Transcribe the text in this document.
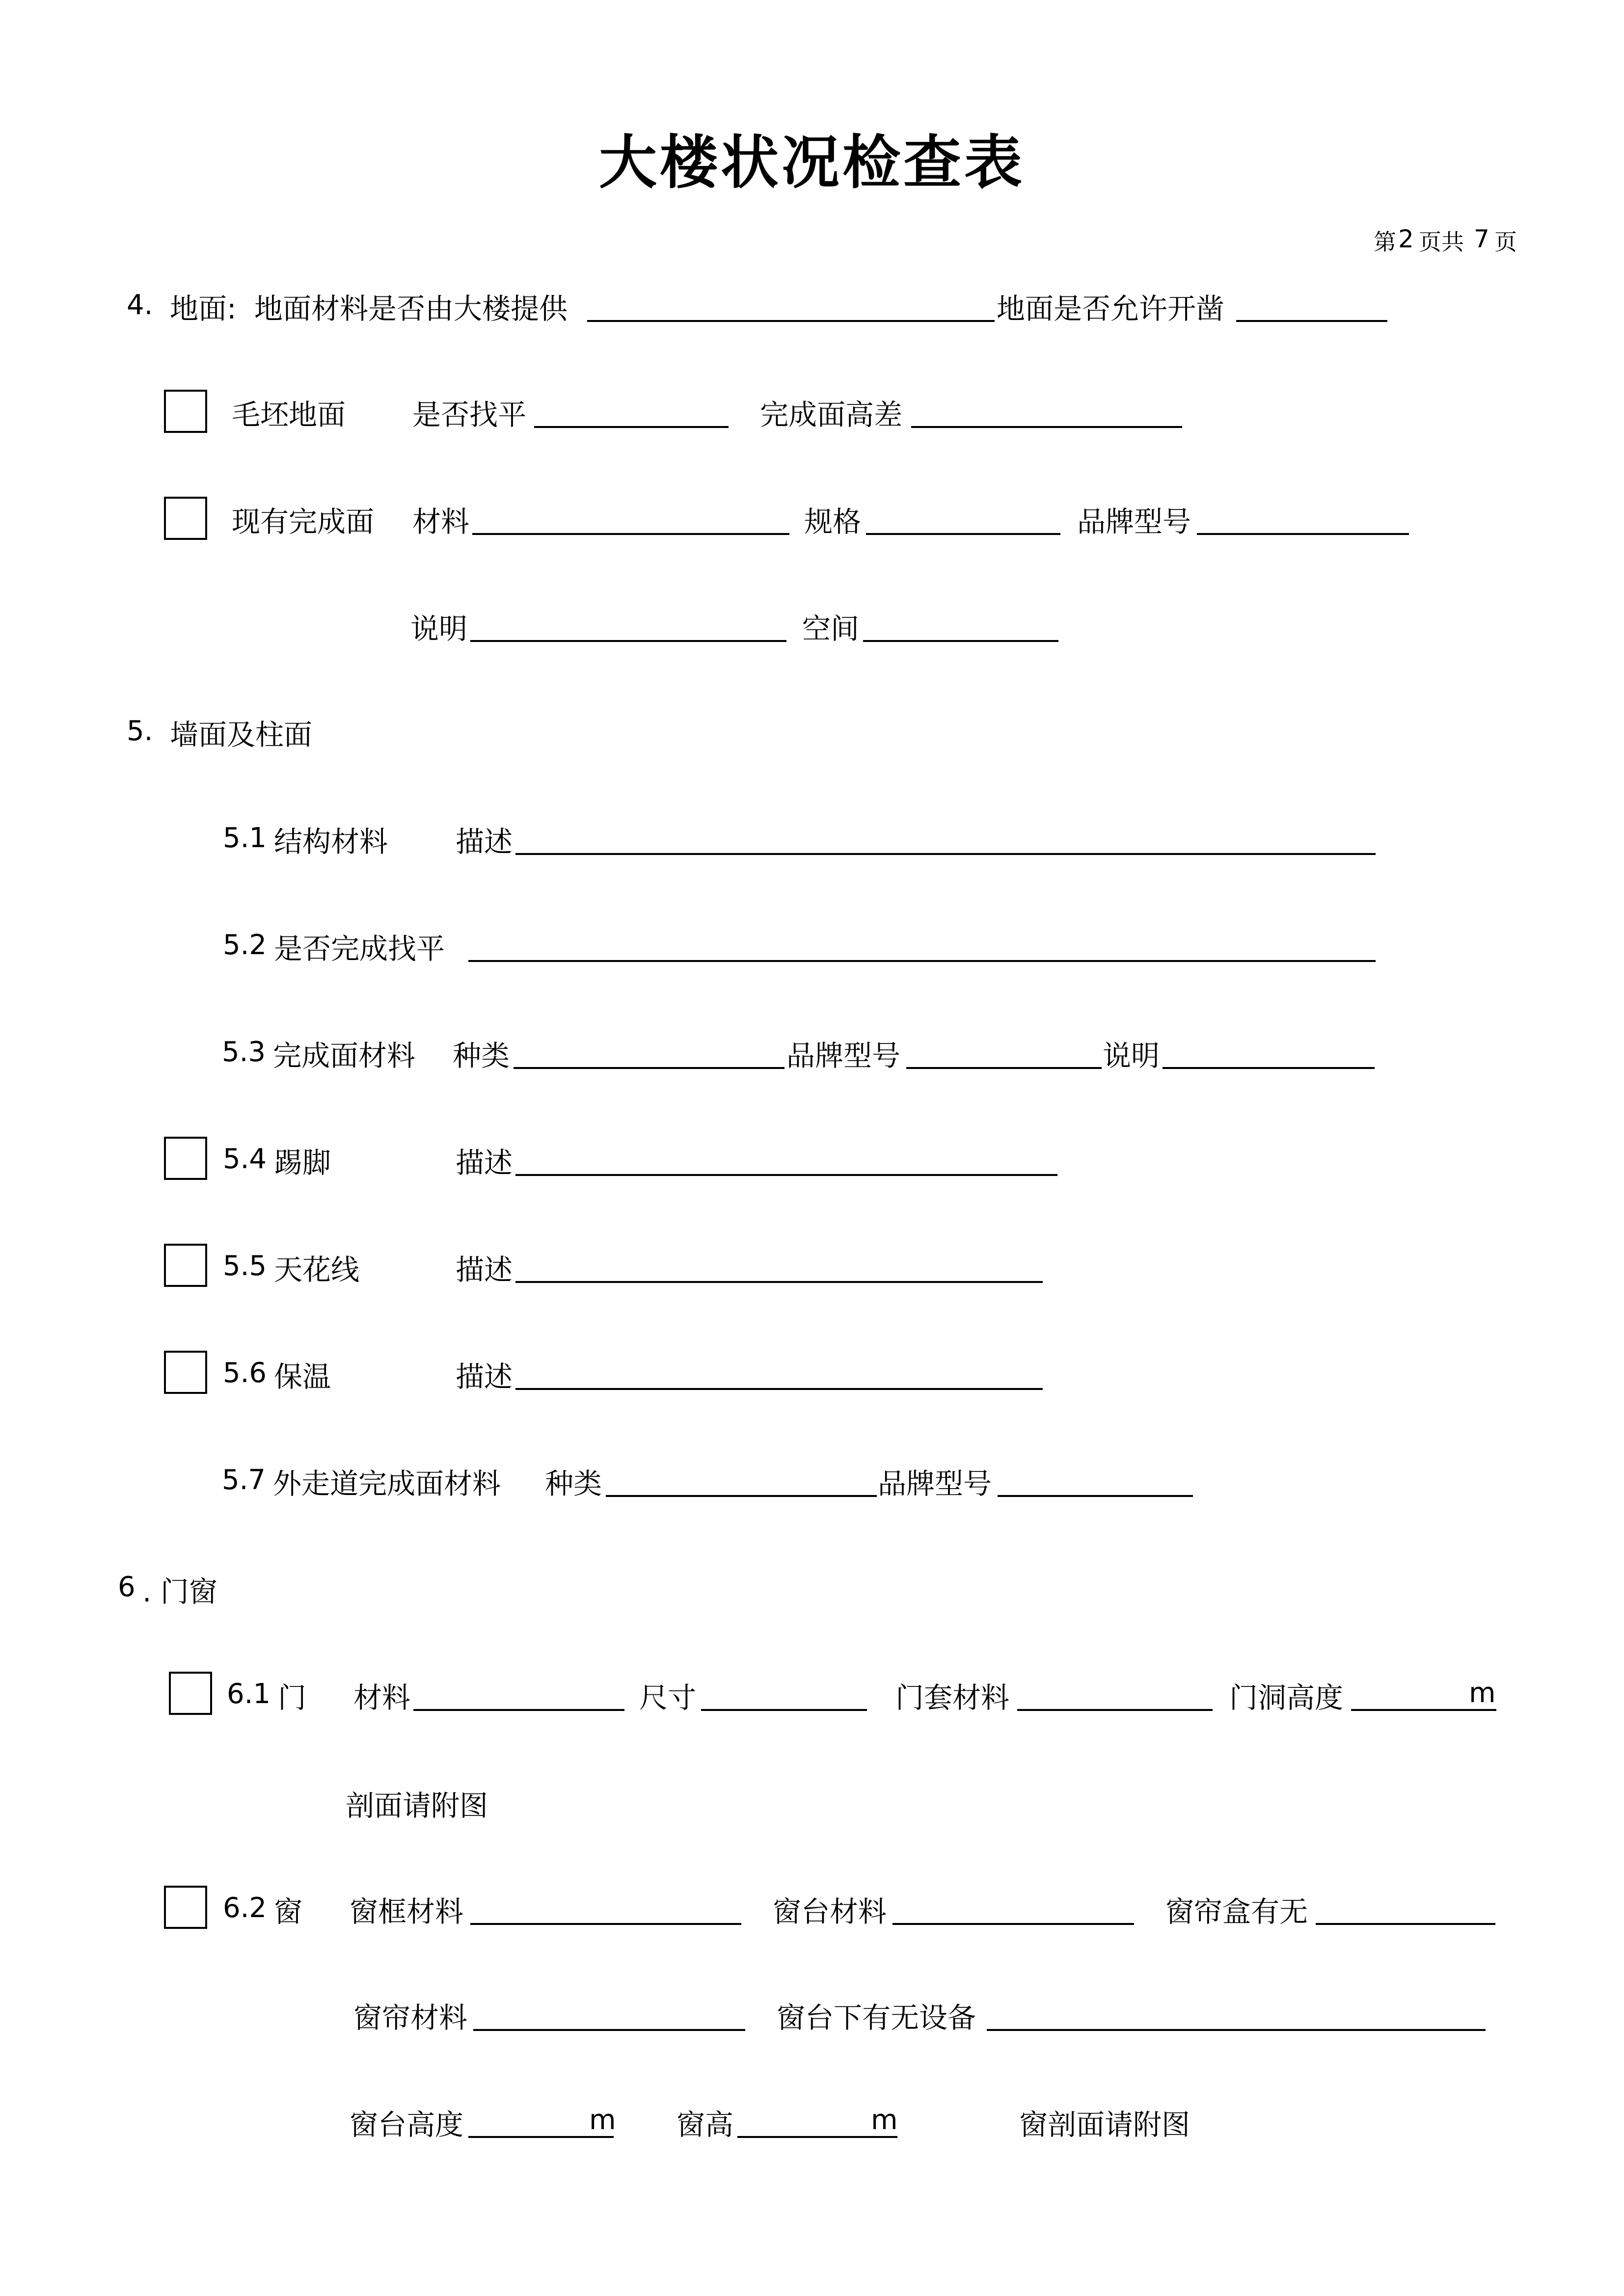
大楼状况检查表
第 2 页共 7 页
4. 地面: 地面材料是否由大楼提供	地面是否允许开凿
毛坯地面 是否找平	完成面高差
现有完成面 材料	规格	品牌型号
说明	空间
5. 墙面及柱面
5.1 结构材料 描述
5.2 是否完成找平
5.3 完成面材料 种类	品牌型号	说明
5.4 踢脚	描述
5.5 天花线	描述
5.6 保温	描述
5.7 外走道完成面材料 种类	品牌型号
6 . 门窗
6.1 门 材料	尺寸	门套材料	门洞高度	m
剖面请附图
6.2 窗 窗框材料	窗台材料	窗帘盒有无
窗帘材料	窗台下有无设备
窗台高度	m 窗高	m	窗剖面请附图
